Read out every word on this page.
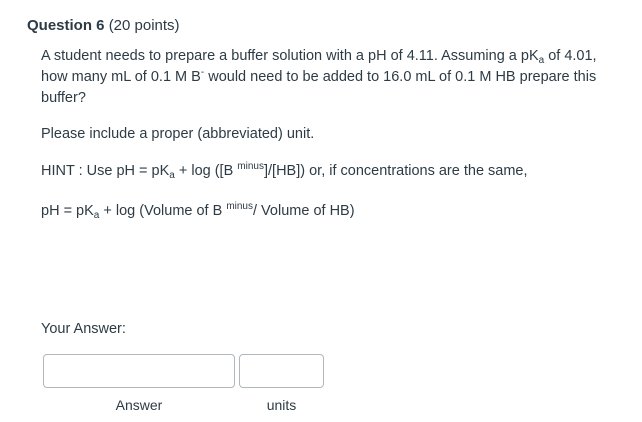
Question 6 (20 points)
A student needs to prepare a buffer solution with a pH of 4.11. Assuming a $pK_a$ of 4.01, how many mL of 0.1 M B- would need to be added to 16.0 mL of 0.1 M HB prepare this buffer?
Please include a proper (abbreviated) unit.
HINT : Use pH = $pK_a + \log ([B$ $^{minus}$]/[HB]) or, if concentrations are the same,
pH = $pK_a + \log$ (Volume of B $^{minus}$/ Volume of HB)
Your Answer:
Answer	units
